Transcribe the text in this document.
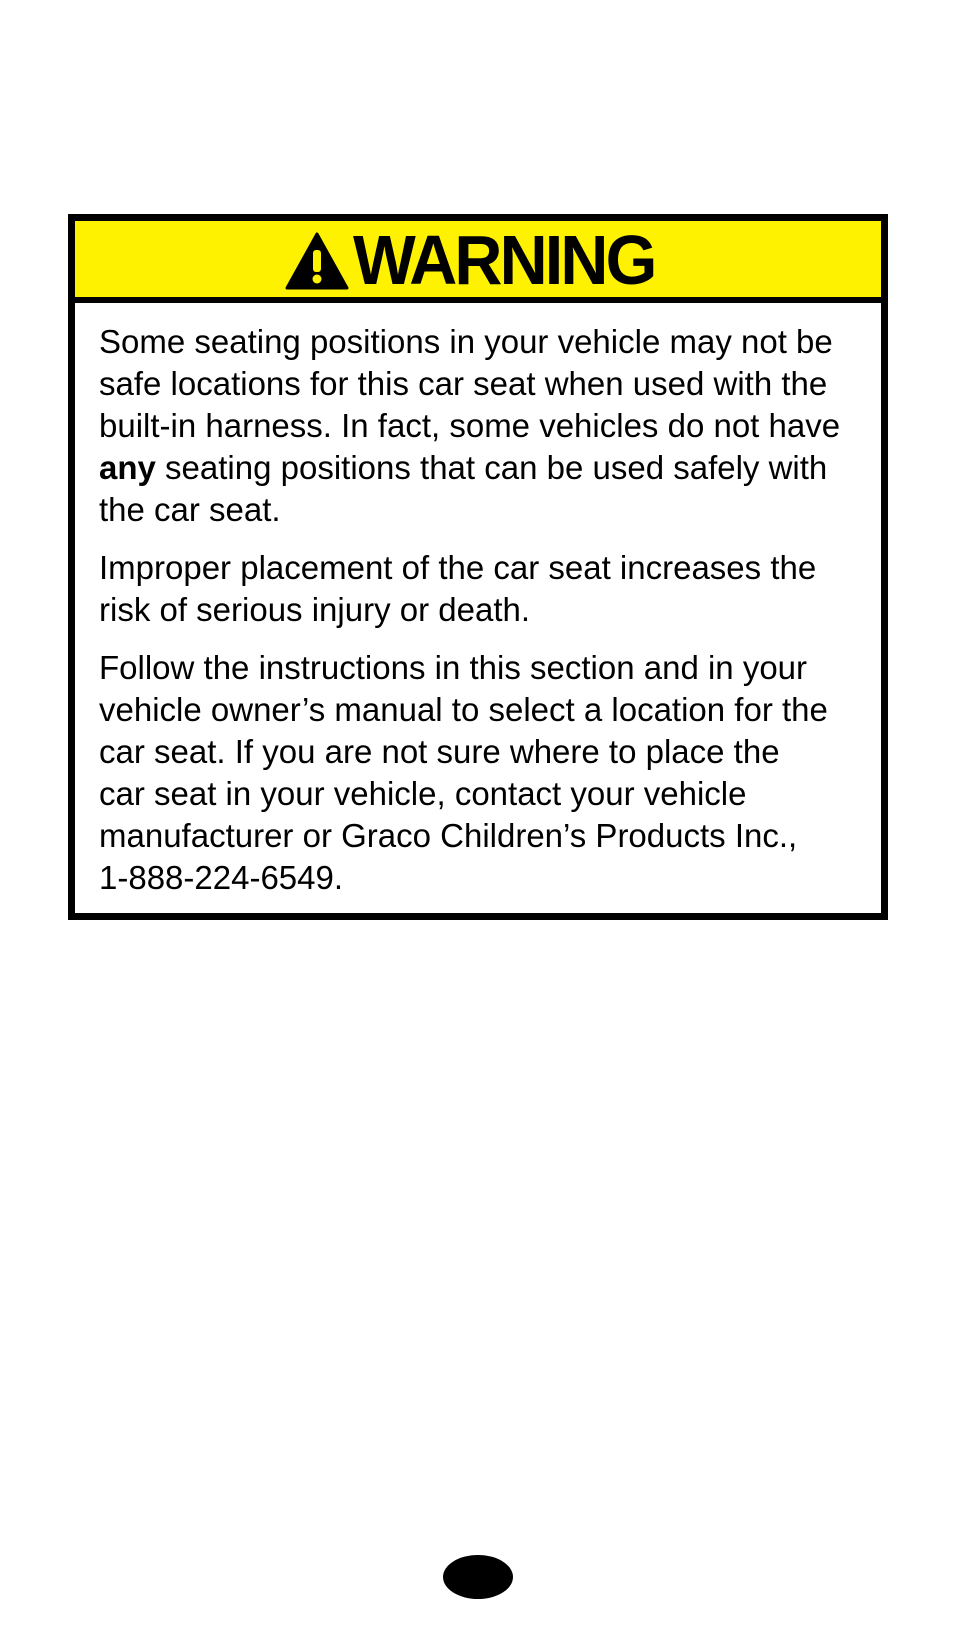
WARNING

Some seating positions in your vehicle may not be
safe locations for this car seat when used with the
built-in harness. In fact, some vehicles do not have
any seating positions that can be used safely with
the car seat.

Improper placement of the car seat increases the
risk of serious injury or death.

Follow the instructions in this section and in your
vehicle owner’s manual to select a location for the
car seat. If you are not sure where to place the
car seat in your vehicle, contact your vehicle
manufacturer or Graco Children’s Products Inc.,
1-888-224-6549.
